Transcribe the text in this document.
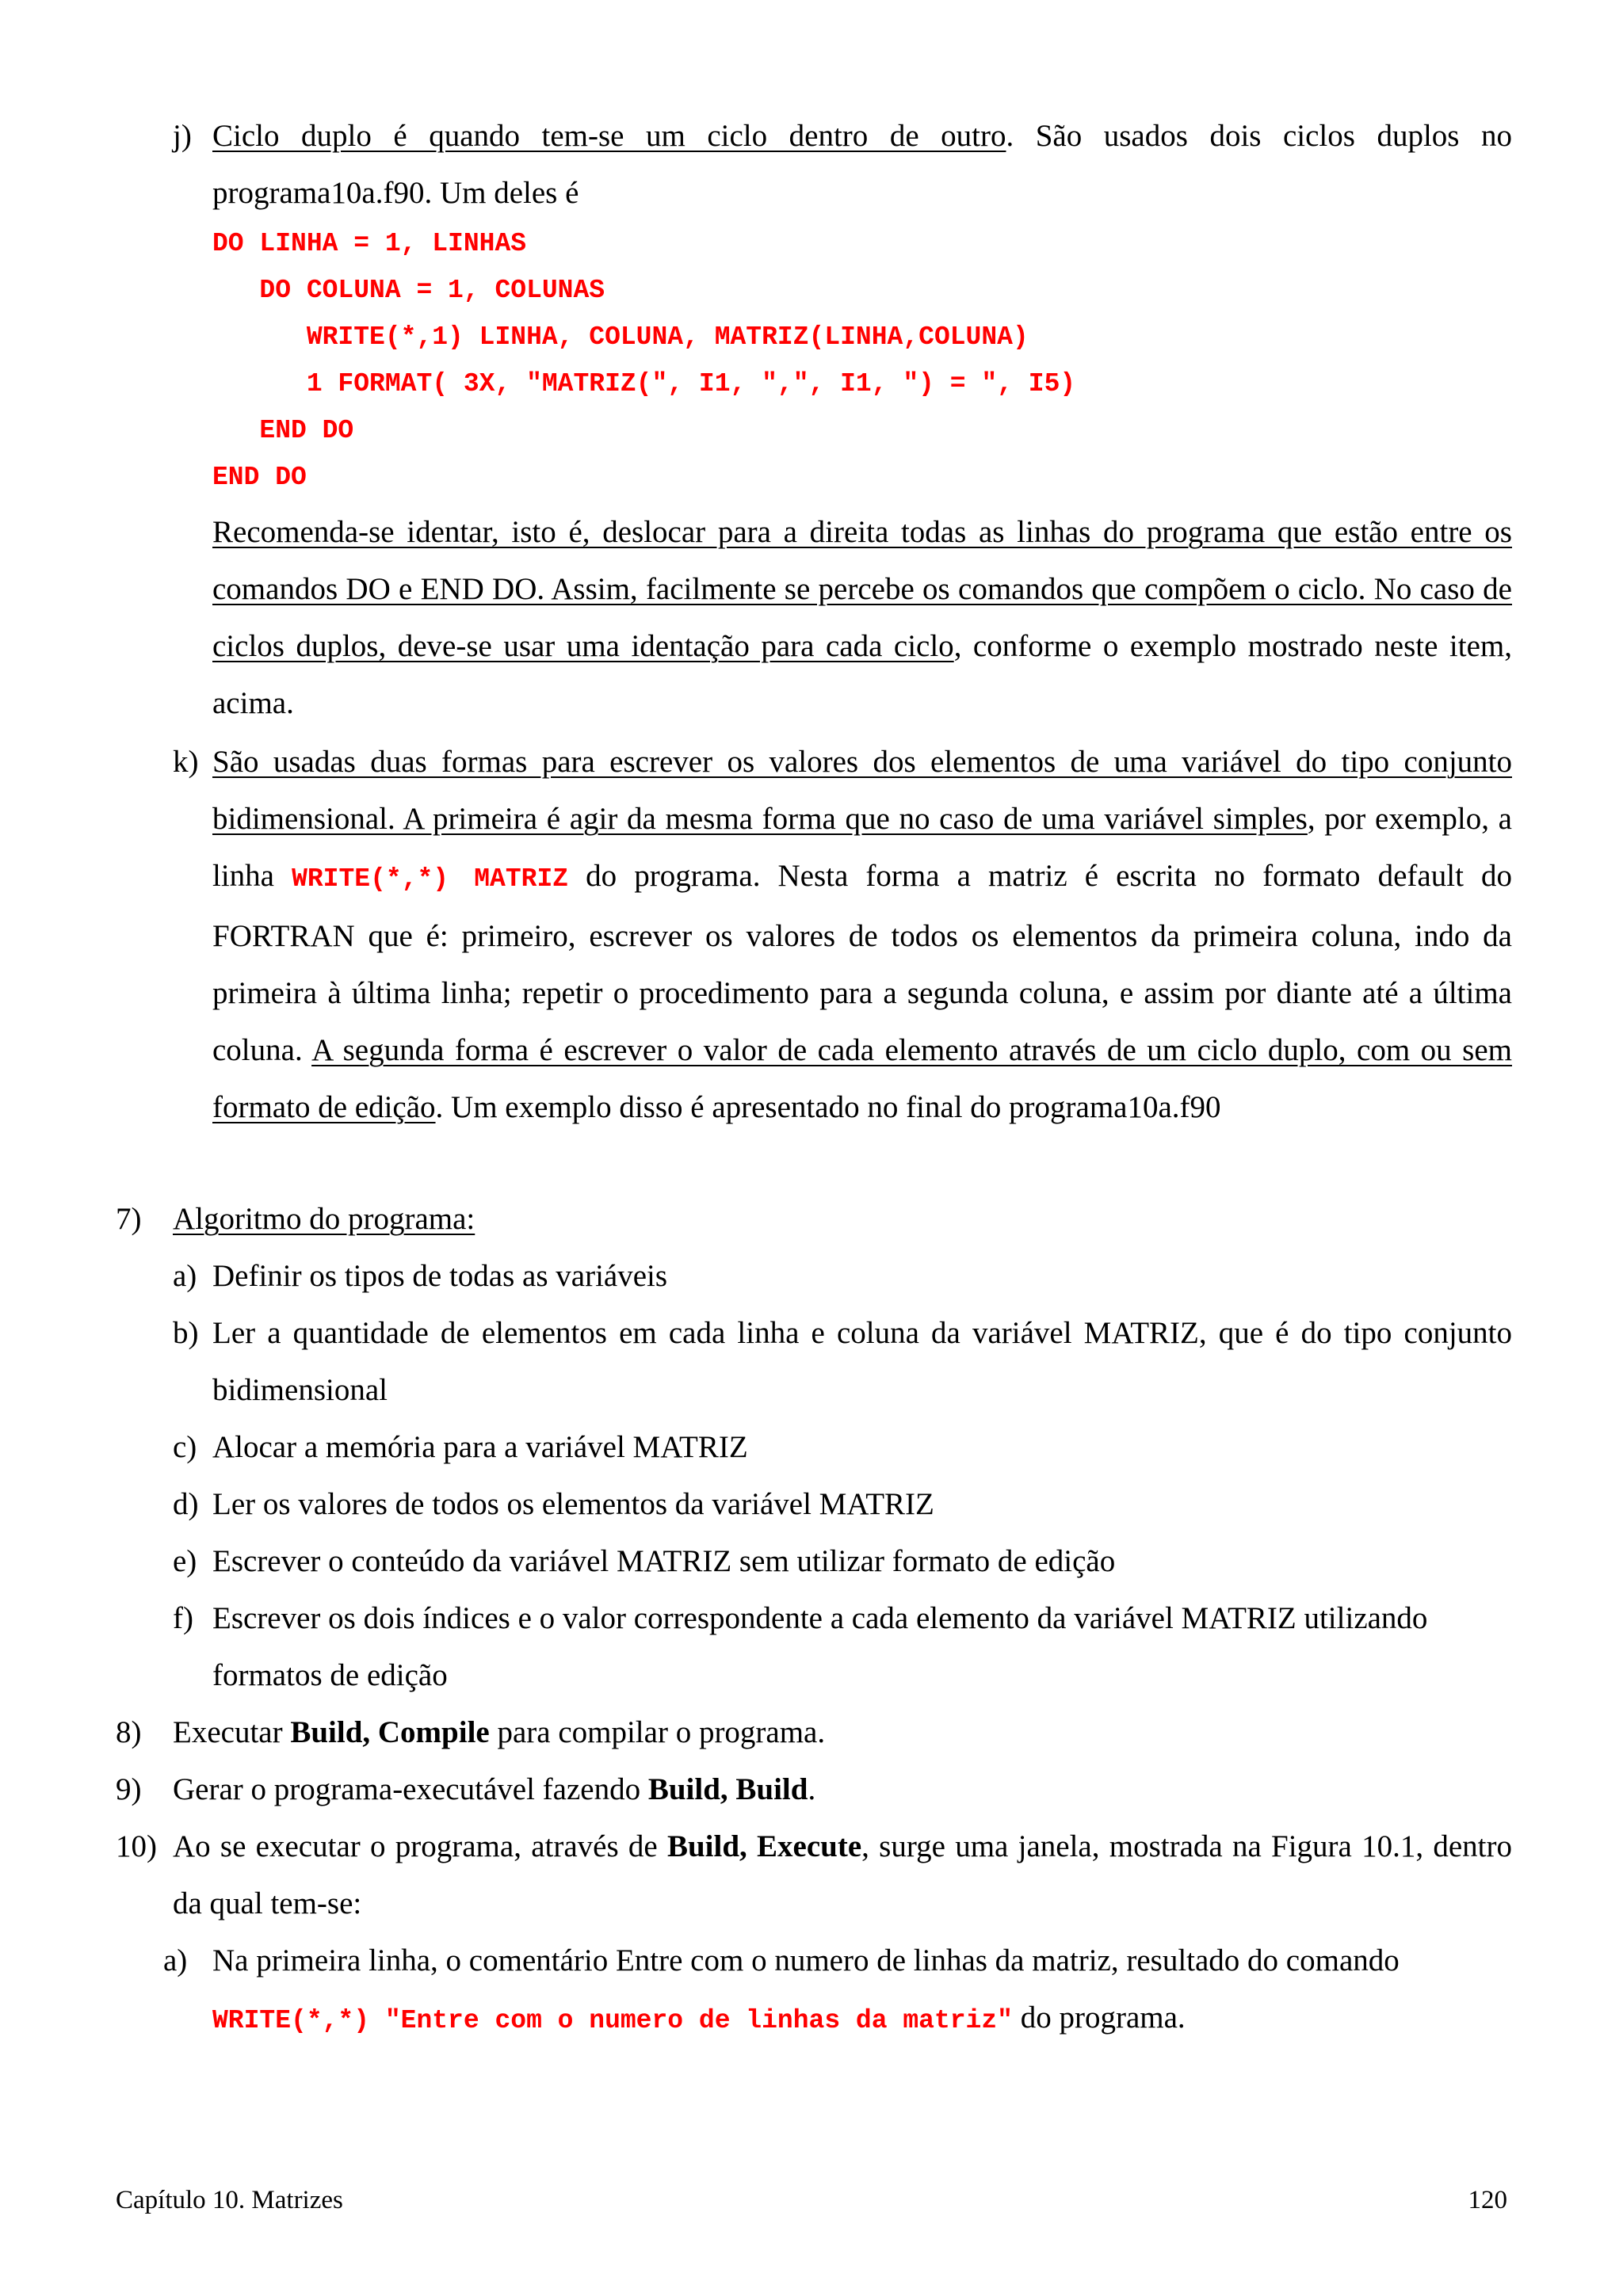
j) Ciclo duplo é quando tem-se um ciclo dentro de outro. São usados dois ciclos duplos no programa10a.f90. Um deles é
DO LINHA = 1, LINHAS
DO COLUNA = 1, COLUNAS
WRITE(*,1) LINHA, COLUNA, MATRIZ(LINHA,COLUNA)
1 FORMAT( 3X, "MATRIZ(", I1, ",", I1, ") = ", I5)
END DO
END DO
Recomenda-se identar, isto é, deslocar para a direita todas as linhas do programa que estão entre os comandos DO e END DO. Assim, facilmente se percebe os comandos que compõem o ciclo. No caso de ciclos duplos, deve-se usar uma identação para cada ciclo, conforme o exemplo mostrado neste item, acima.
k) São usadas duas formas para escrever os valores dos elementos de uma variável do tipo conjunto bidimensional. A primeira é agir da mesma forma que no caso de uma variável simples, por exemplo, a linha WRITE(*,*) MATRIZ do programa. Nesta forma a matriz é escrita no formato default do FORTRAN que é: primeiro, escrever os valores de todos os elementos da primeira coluna, indo da primeira à última linha; repetir o procedimento para a segunda coluna, e assim por diante até a última coluna. A segunda forma é escrever o valor de cada elemento através de um ciclo duplo, com ou sem formato de edição. Um exemplo disso é apresentado no final do programa10a.f90
7) Algoritmo do programa:
a) Definir os tipos de todas as variáveis
b) Ler a quantidade de elementos em cada linha e coluna da variável MATRIZ, que é do tipo conjunto bidimensional
c) Alocar a memória para a variável MATRIZ
d) Ler os valores de todos os elementos da variável MATRIZ
e) Escrever o conteúdo da variável MATRIZ sem utilizar formato de edição
f) Escrever os dois índices e o valor correspondente a cada elemento da variável MATRIZ utilizando formatos de edição
8) Executar Build, Compile para compilar o programa.
9) Gerar o programa-executável fazendo Build, Build.
10) Ao se executar o programa, através de Build, Execute, surge uma janela, mostrada na Figura 10.1, dentro da qual tem-se:
a) Na primeira linha, o comentário Entre com o numero de linhas da matriz, resultado do comando
WRITE(*,*) "Entre com o numero de linhas da matriz" do programa.
Capítulo 10. Matrizes	120
